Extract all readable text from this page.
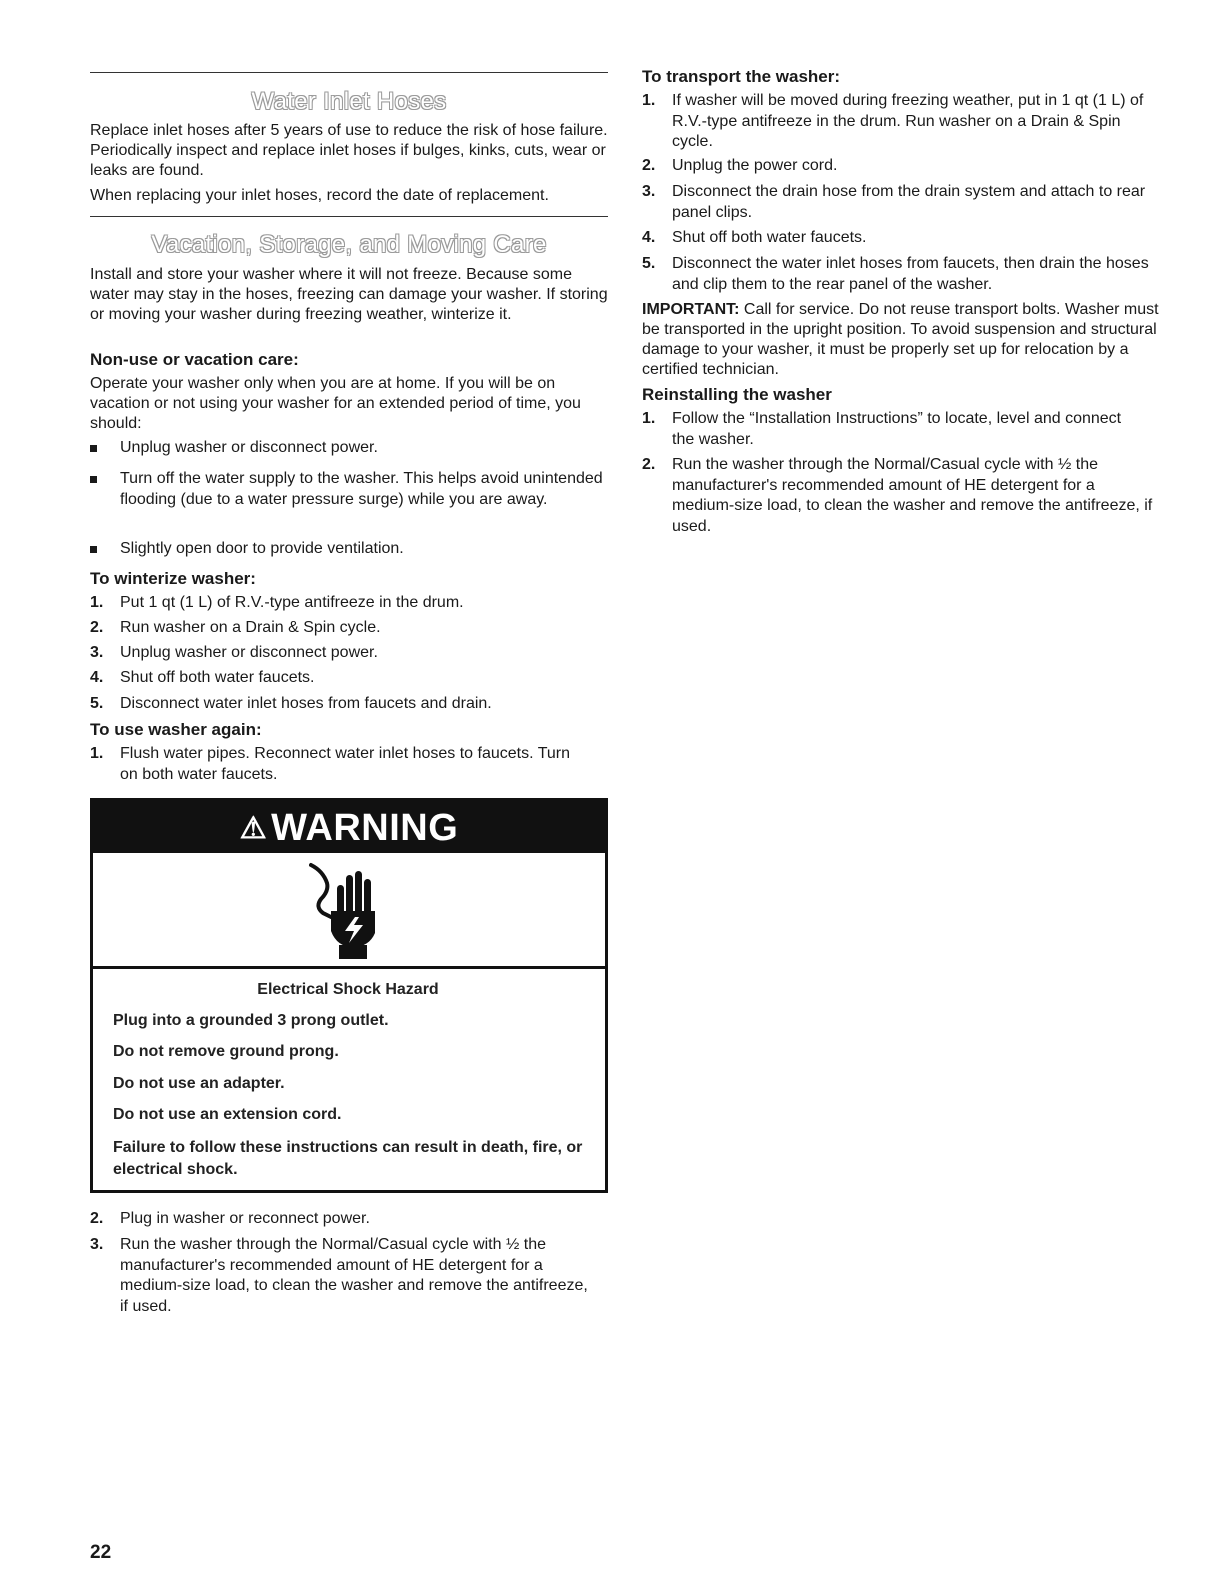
Water Inlet Hoses

Replace inlet hoses after 5 years of use to reduce the risk of hose failure. Periodically inspect and replace inlet hoses if bulges, kinks, cuts, wear or leaks are found.

When replacing your inlet hoses, record the date of replacement.

Vacation, Storage, and Moving Care

Install and store your washer where it will not freeze. Because some water may stay in the hoses, freezing can damage your washer. If storing or moving your washer during freezing weather, winterize it.

Non-use or vacation care:

Operate your washer only when you are at home. If you will be on vacation or not using your washer for an extended period of time, you should:

Unplug washer or disconnect power.
Turn off the water supply to the washer. This helps avoid unintended flooding (due to a water pressure surge) while you are away.
Slightly open door to provide ventilation.
To winterize washer:
1. Put 1 qt (1 L) of R.V.-type antifreeze in the drum.
2. Run washer on a Drain & Spin cycle.
3. Unplug washer or disconnect power.
4. Shut off both water faucets.
5. Disconnect water inlet hoses from faucets and drain.
To use washer again:
1. Flush water pipes. Reconnect water inlet hoses to faucets. Turn on both water faucets.
2. Plug in washer or reconnect power.
3. Run the washer through the Normal/Casual cycle with ½ the manufacturer's recommended amount of HE detergent for a medium-size load, to clean the washer and remove the antifreeze, if used.
⚠ WARNING
Electrical Shock Hazard
Plug into a grounded 3 prong outlet.
Do not remove ground prong.
Do not use an adapter.
Do not use an extension cord.
Failure to follow these instructions can result in death, fire, or electrical shock.
To transport the washer:
1. If washer will be moved during freezing weather, put in 1 qt (1 L) of R.V.-type antifreeze in the drum. Run washer on a Drain & Spin cycle.
2. Unplug the power cord.
3. Disconnect the drain hose from the drain system and attach to rear panel clips.
4. Shut off both water faucets.
5. Disconnect the water inlet hoses from faucets, then drain the hoses and clip them to the rear panel of the washer.

IMPORTANT: Call for service. Do not reuse transport bolts. Washer must be transported in the upright position. To avoid suspension and structural damage to your washer, it must be properly set up for relocation by a certified technician.

Reinstalling the washer
1. Follow the “Installation Instructions” to locate, level and connect the washer.
2. Run the washer through the Normal/Casual cycle with ½ the manufacturer's recommended amount of HE detergent for a medium-size load, to clean the washer and remove the antifreeze, if used.
22
